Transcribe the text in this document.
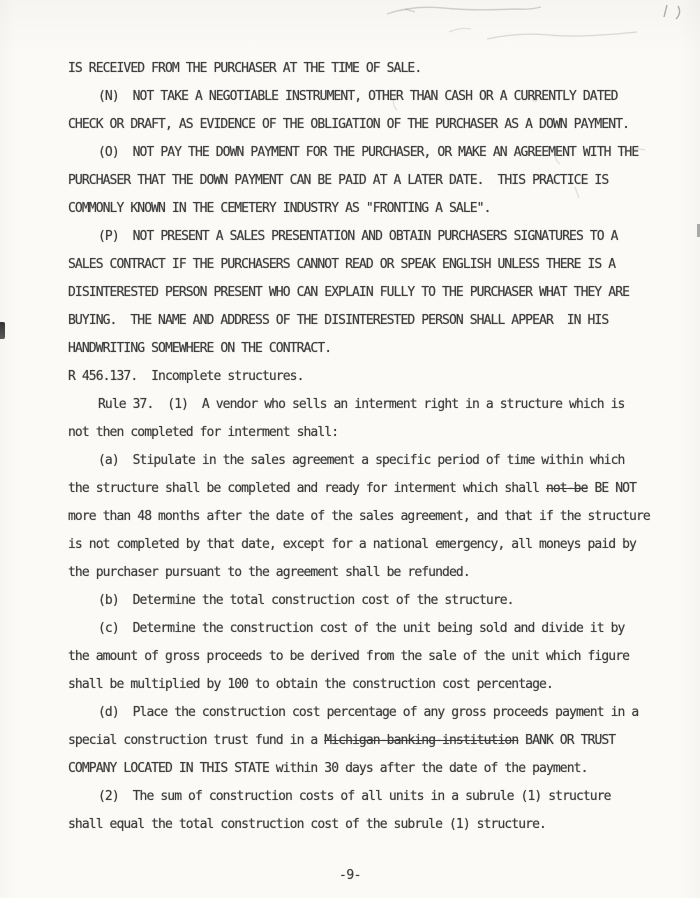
IS RECEIVED FROM THE PURCHASER AT THE TIME OF SALE.
(N)  NOT TAKE A NEGOTIABLE INSTRUMENT, OTHER THAN CASH OR A CURRENTLY DATED
CHECK OR DRAFT, AS EVIDENCE OF THE OBLIGATION OF THE PURCHASER AS A DOWN PAYMENT.
(O)  NOT PAY THE DOWN PAYMENT FOR THE PURCHASER, OR MAKE AN AGREEMENT WITH THE
PURCHASER THAT THE DOWN PAYMENT CAN BE PAID AT A LATER DATE.  THIS PRACTICE IS
COMMONLY KNOWN IN THE CEMETERY INDUSTRY AS "FRONTING A SALE".
(P)  NOT PRESENT A SALES PRESENTATION AND OBTAIN PURCHASERS SIGNATURES TO A
SALES CONTRACT IF THE PURCHASERS CANNOT READ OR SPEAK ENGLISH UNLESS THERE IS A
DISINTERESTED PERSON PRESENT WHO CAN EXPLAIN FULLY TO THE PURCHASER WHAT THEY ARE
BUYING.  THE NAME AND ADDRESS OF THE DISINTERESTED PERSON SHALL APPEAR  IN HIS
HANDWRITING SOMEWHERE ON THE CONTRACT.
R 456.137.  Incomplete structures.
Rule 37.  (1)  A vendor who sells an interment right in a structure which is
not then completed for interment shall:
(a)  Stipulate in the sales agreement a specific period of time within which
the structure shall be completed and ready for interment which shall not-be BE NOT
more than 48 months after the date of the sales agreement, and that if the structure
is not completed by that date, except for a national emergency, all moneys paid by
the purchaser pursuant to the agreement shall be refunded.
(b)  Determine the total construction cost of the structure.
(c)  Determine the construction cost of the unit being sold and divide it by
the amount of gross proceeds to be derived from the sale of the unit which figure
shall be multiplied by 100 to obtain the construction cost percentage.
(d)  Place the construction cost percentage of any gross proceeds payment in a
special construction trust fund in a Michigan-banking-institution BANK OR TRUST
COMPANY LOCATED IN THIS STATE within 30 days after the date of the payment.
(2)  The sum of construction costs of all units in a subrule (1) structure
shall equal the total construction cost of the subrule (1) structure.
-9-
